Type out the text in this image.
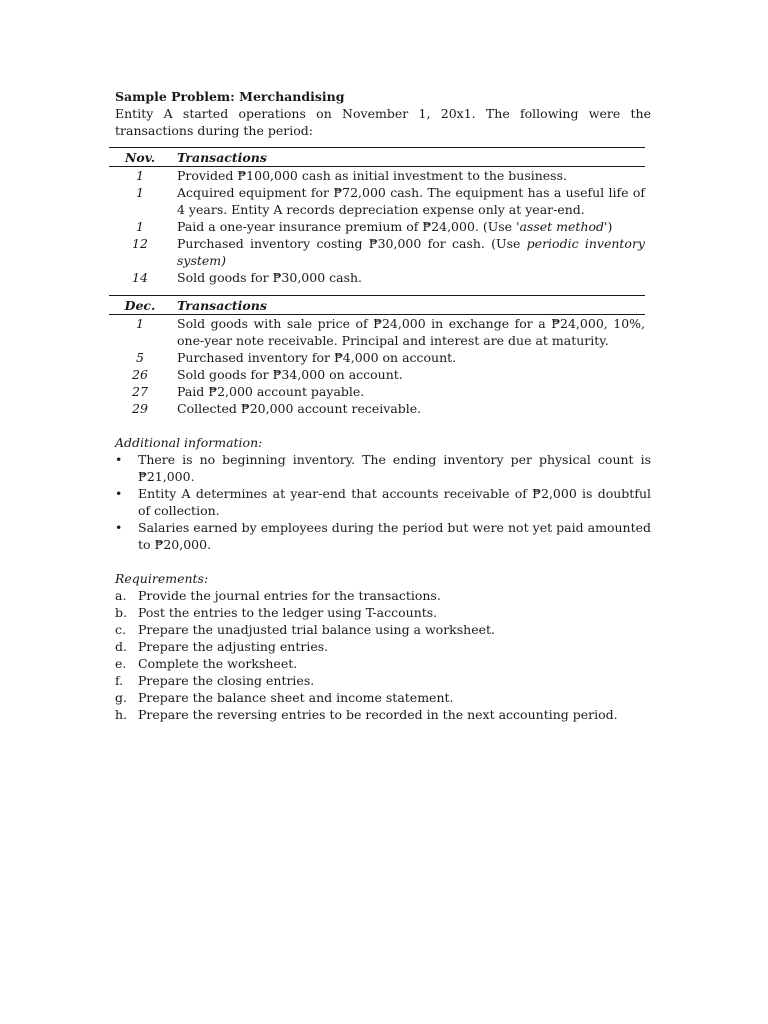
Sample Problem: Merchandising
Entity A started operations on November 1, 20x1. The following were the transactions during the period:
Nov.	Transactions
1	Provided ₱100,000 cash as initial investment to the business.
1	Acquired equipment for ₱72,000 cash. The equipment has a useful life of 4 years. Entity A records depreciation expense only at year-end.
1	Paid a one-year insurance premium of ₱24,000. (Use 'asset method')
12	Purchased inventory costing ₱30,000 for cash. (Use periodic inventory system)
14	Sold goods for ₱30,000 cash.
Dec.	Transactions
1	Sold goods with sale price of ₱24,000 in exchange for a ₱24,000, 10%, one-year note receivable. Principal and interest are due at maturity.
5	Purchased inventory for ₱4,000 on account.
26	Sold goods for ₱34,000 on account.
27	Paid ₱2,000 account payable.
29	Collected ₱20,000 account receivable.
Additional information:
•	There is no beginning inventory. The ending inventory per physical count is ₱21,000.
•	Entity A determines at year-end that accounts receivable of ₱2,000 is doubtful of collection.
•	Salaries earned by employees during the period but were not yet paid amounted to ₱20,000.
Requirements:
a. Provide the journal entries for the transactions.
b. Post the entries to the ledger using T-accounts.
c. Prepare the unadjusted trial balance using a worksheet.
d. Prepare the adjusting entries.
e. Complete the worksheet.
f.	Prepare the closing entries.
g. Prepare the balance sheet and income statement.
h. Prepare the reversing entries to be recorded in the next accounting period.
